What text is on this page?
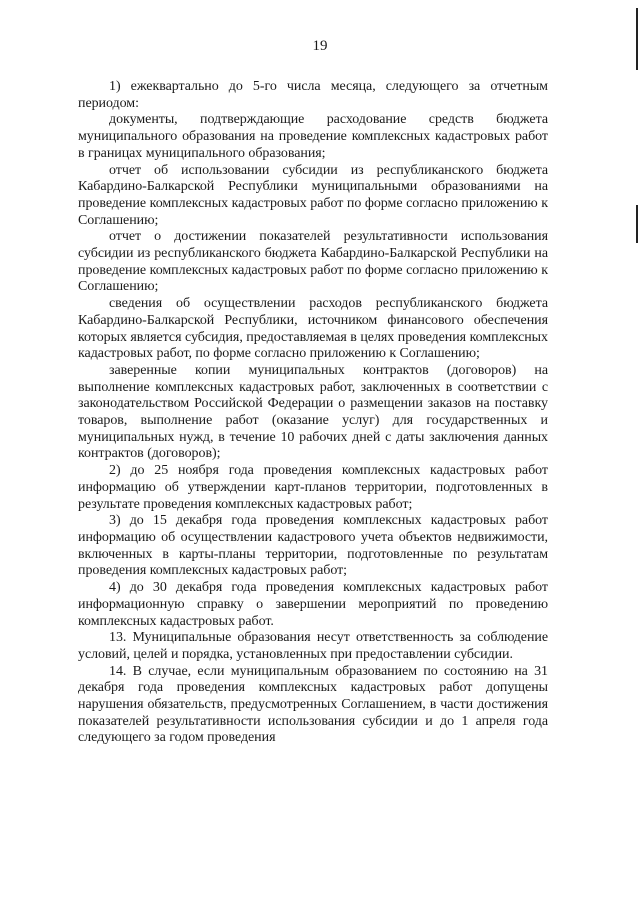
19

1) ежеквартально до 5-го числа месяца, следующего за отчетным периодом:

документы, подтверждающие расходование средств бюджета муниципального образования на проведение комплексных кадастровых работ в границах муниципального образования;

отчет об использовании субсидии из республиканского бюджета Кабардино-Балкарской Республики муниципальными образованиями на проведение комплексных кадастровых работ по форме согласно приложению к Соглашению;

отчет о достижении показателей результативности использования субсидии из республиканского бюджета Кабардино-Балкарской Республики на проведение комплексных кадастровых работ по форме согласно приложению к Соглашению;

сведения об осуществлении расходов республиканского бюджета Кабардино-Балкарской Республики, источником финансового обеспечения которых является субсидия, предоставляемая в целях проведения комплексных кадастровых работ, по форме согласно приложению к Соглашению;

заверенные копии муниципальных контрактов (договоров) на выполнение комплексных кадастровых работ, заключенных в соответствии с законодательством Российской Федерации о размещении заказов на поставку товаров, выполнение работ (оказание услуг) для государственных и муниципальных нужд, в течение 10 рабочих дней с даты заключения данных контрактов (договоров);

2) до 25 ноября года проведения комплексных кадастровых работ информацию об утверждении карт-планов территории, подготовленных в результате проведения комплексных кадастровых работ;

3) до 15 декабря года проведения комплексных кадастровых работ информацию об осуществлении кадастрового учета объектов недвижимости, включенных в карты-планы территории, подготовленные по результатам проведения комплексных кадастровых работ;

4) до 30 декабря года проведения комплексных кадастровых работ информационную справку о завершении мероприятий по проведению комплексных кадастровых работ.

13. Муниципальные образования несут ответственность за соблюдение условий, целей и порядка, установленных при предоставлении субсидии.

14. В случае, если муниципальным образованием по состоянию на 31 декабря года проведения комплексных кадастровых работ допущены нарушения обязательств, предусмотренных Соглашением, в части достижения показателей результативности использования субсидии и до 1 апреля года следующего за годом проведения
